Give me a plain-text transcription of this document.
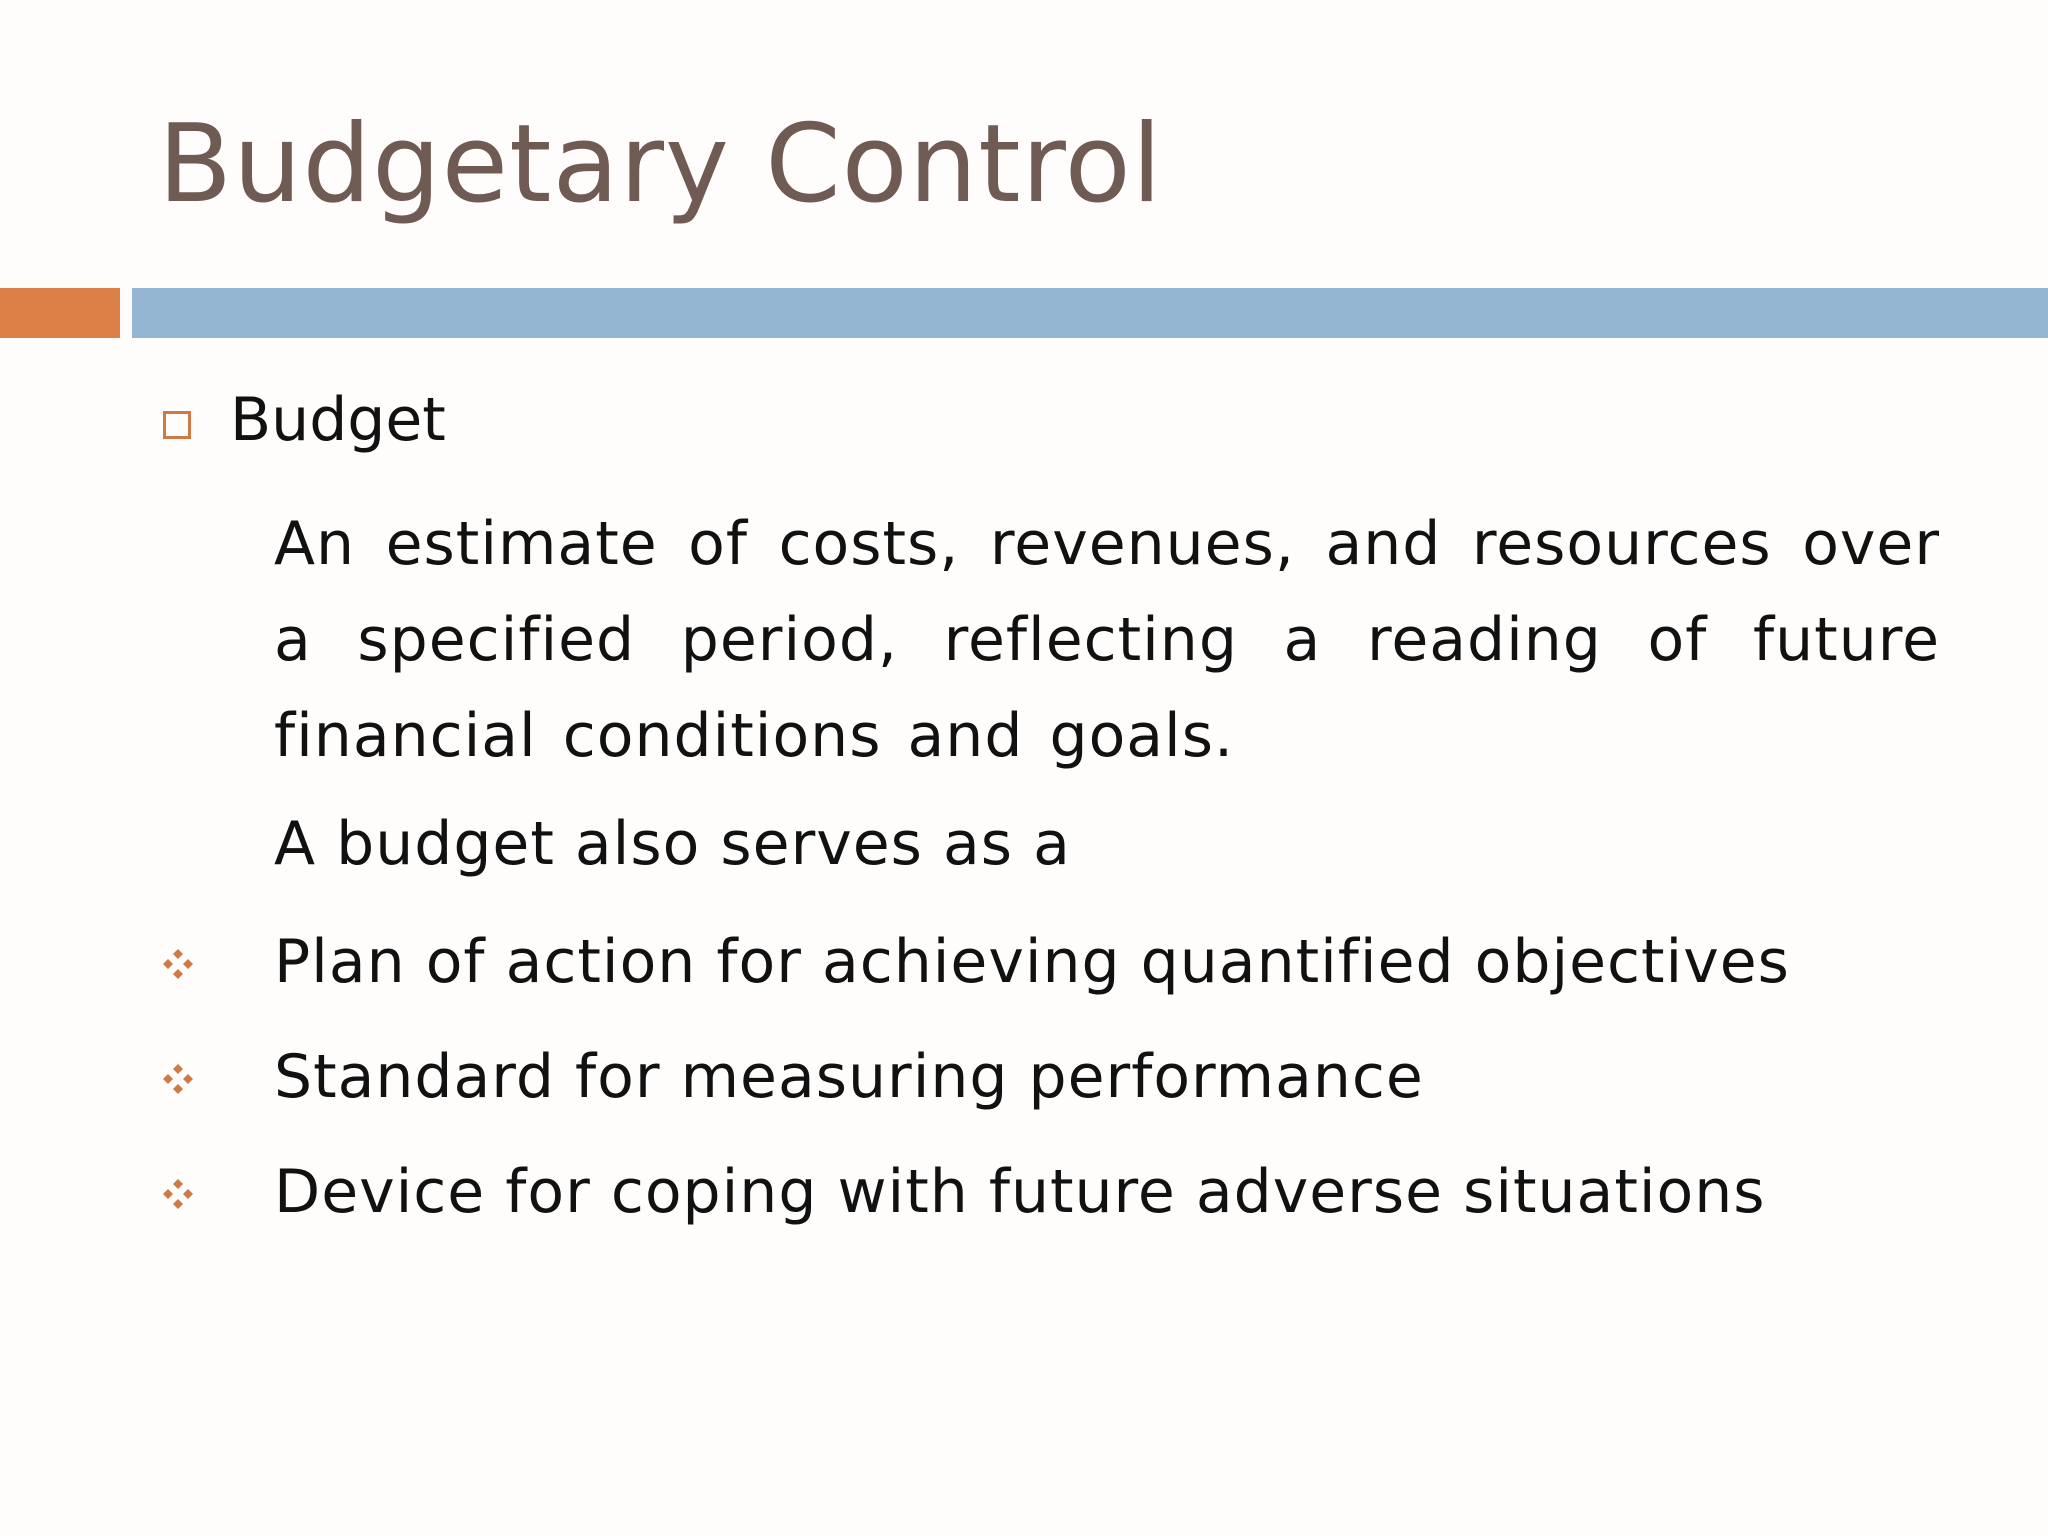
Budgetary Control
Budget
An estimate of costs, revenues, and resources over a specified period, reflecting a reading of future financial conditions and goals.
A budget also serves as a
Plan of action for achieving quantified objectives
Standard for measuring performance
Device for coping with future adverse situations
